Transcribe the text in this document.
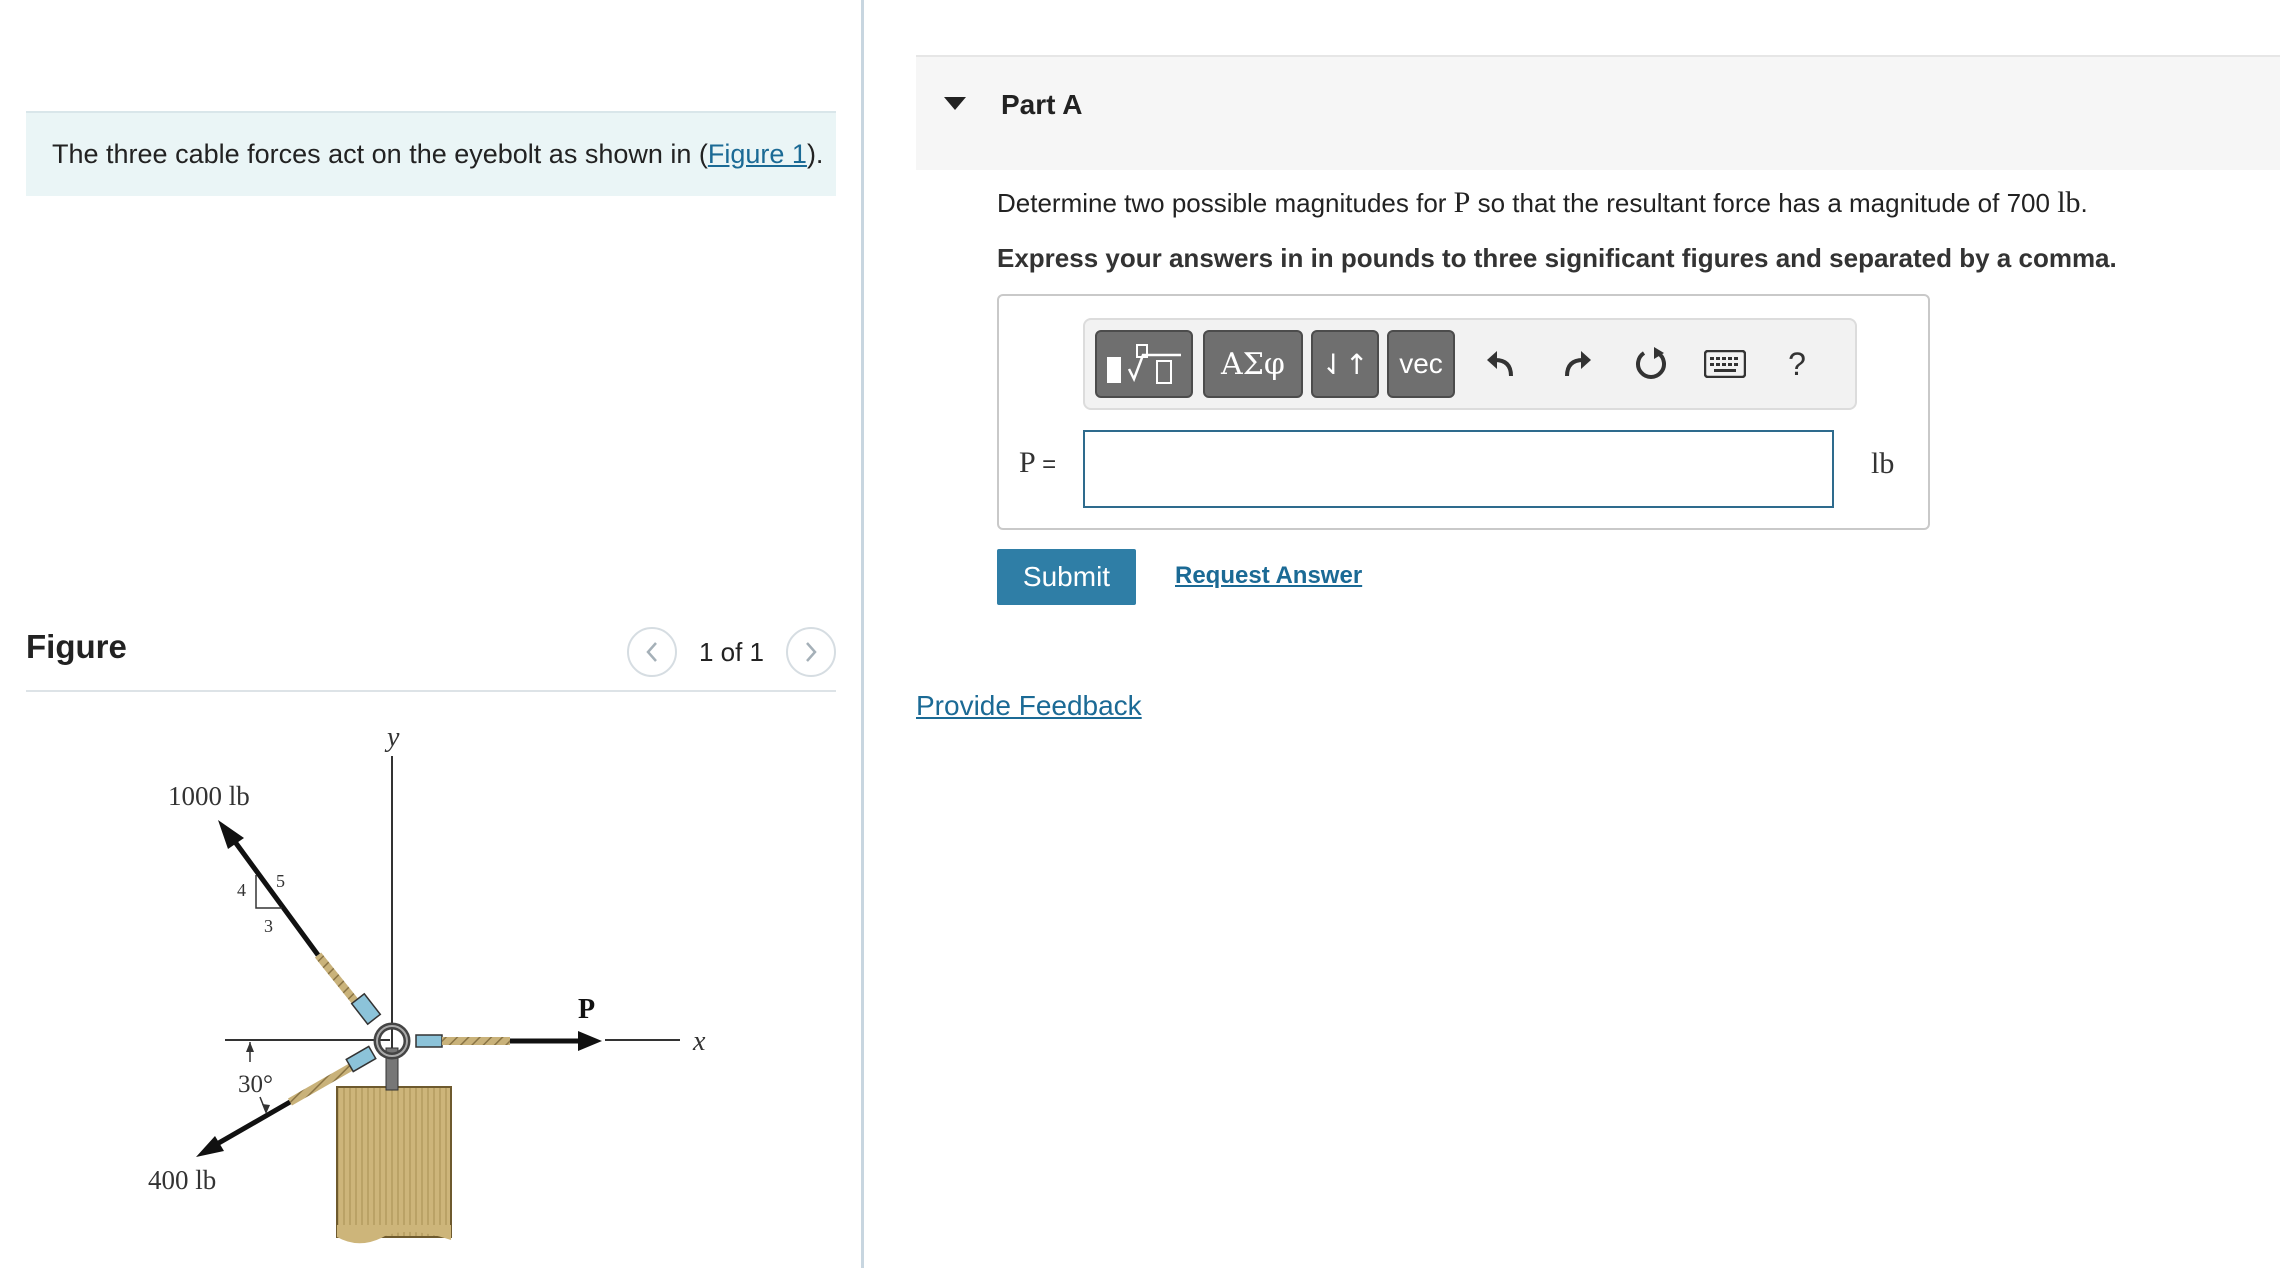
The three cable forces act on the eyebolt as shown in ( Figure 1 ).
Figure	1 of 1
y
x
4 5
3
30°
1000 lb
400 lb
P
Part A
Determine two possible magnitudes for P so that the resultant force has a magnitude of 700 lb.
Express your answers in in pounds to three significant figures and separated by a comma.
ΑΣφ	⇃↑	vec	?
P =	lb
Submit	Request Answer
Provide Feedback
